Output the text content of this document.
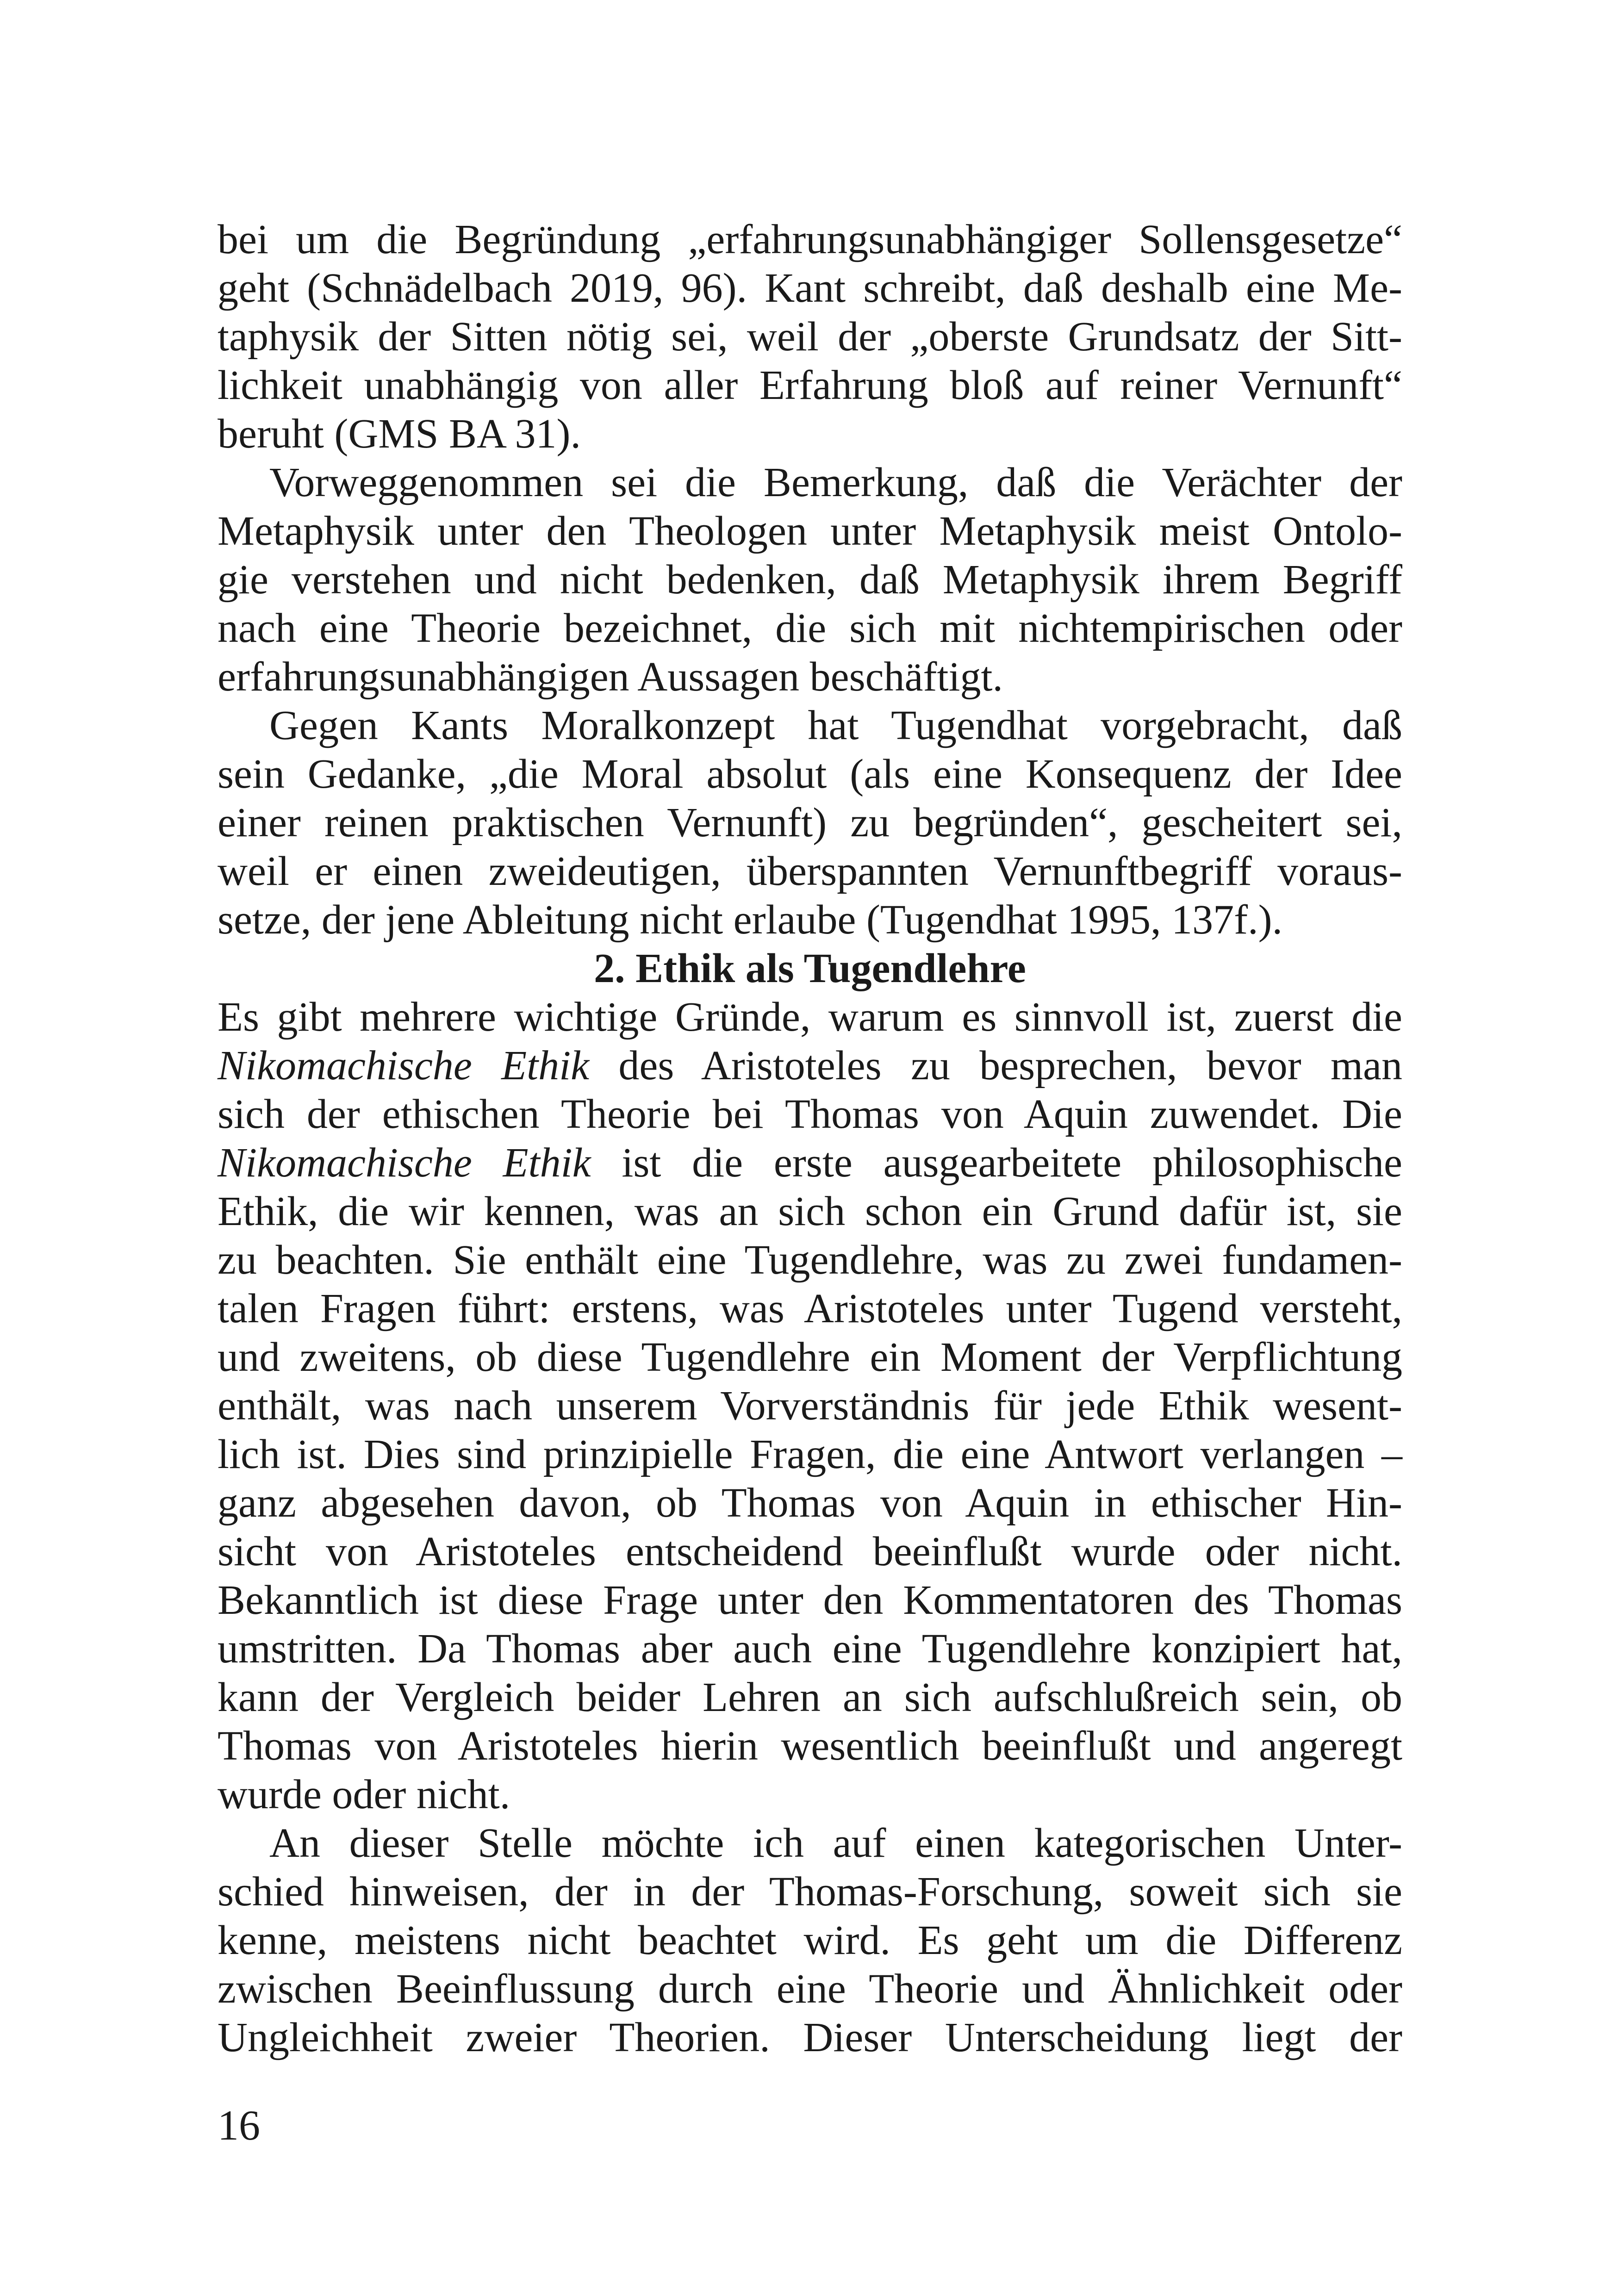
bei um die Begründung „erfahrungsunabhängiger Sollensgesetze“
geht (Schnädelbach 2019, 96). Kant schreibt, daß deshalb eine Me-
taphysik der Sitten nötig sei, weil der „oberste Grundsatz der Sitt-
lichkeit unabhängig von aller Erfahrung bloß auf reiner Vernunft“
beruht (GMS BA 31).
Vorweggenommen sei die Bemerkung, daß die Verächter der
Metaphysik unter den Theologen unter Metaphysik meist Ontolo-
gie verstehen und nicht bedenken, daß Metaphysik ihrem Begriff
nach eine Theorie bezeichnet, die sich mit nichtempirischen oder
erfahrungsunabhängigen Aussagen beschäftigt.
Gegen Kants Moralkonzept hat Tugendhat vorgebracht, daß
sein Gedanke, „die Moral absolut (als eine Konsequenz der Idee
einer reinen praktischen Vernunft) zu begründen“, gescheitert sei,
weil er einen zweideutigen, überspannten Vernunftbegriff voraus-
setze, der jene Ableitung nicht erlaube (Tugendhat 1995, 137f.).
2. Ethik als Tugendlehre
Es gibt mehrere wichtige Gründe, warum es sinnvoll ist, zuerst die
Nikomachische Ethik des Aristoteles zu besprechen, bevor man
sich der ethischen Theorie bei Thomas von Aquin zuwendet. Die
Nikomachische Ethik ist die erste ausgearbeitete philosophische
Ethik, die wir kennen, was an sich schon ein Grund dafür ist, sie
zu beachten. Sie enthält eine Tugendlehre, was zu zwei fundamen-
talen Fragen führt: erstens, was Aristoteles unter Tugend versteht,
und zweitens, ob diese Tugendlehre ein Moment der Verpflichtung
enthält, was nach unserem Vorverständnis für jede Ethik wesent-
lich ist. Dies sind prinzipielle Fragen, die eine Antwort verlangen –
ganz abgesehen davon, ob Thomas von Aquin in ethischer Hin-
sicht von Aristoteles entscheidend beeinflußt wurde oder nicht.
Bekanntlich ist diese Frage unter den Kommentatoren des Thomas
umstritten. Da Thomas aber auch eine Tugendlehre konzipiert hat,
kann der Vergleich beider Lehren an sich aufschlußreich sein, ob
Thomas von Aristoteles hierin wesentlich beeinflußt und angeregt
wurde oder nicht.
An dieser Stelle möchte ich auf einen kategorischen Unter-
schied hinweisen, der in der Thomas-Forschung, soweit sich sie
kenne, meistens nicht beachtet wird. Es geht um die Differenz
zwischen Beeinflussung durch eine Theorie und Ähnlichkeit oder
Ungleichheit zweier Theorien. Dieser Unterscheidung liegt der
16
